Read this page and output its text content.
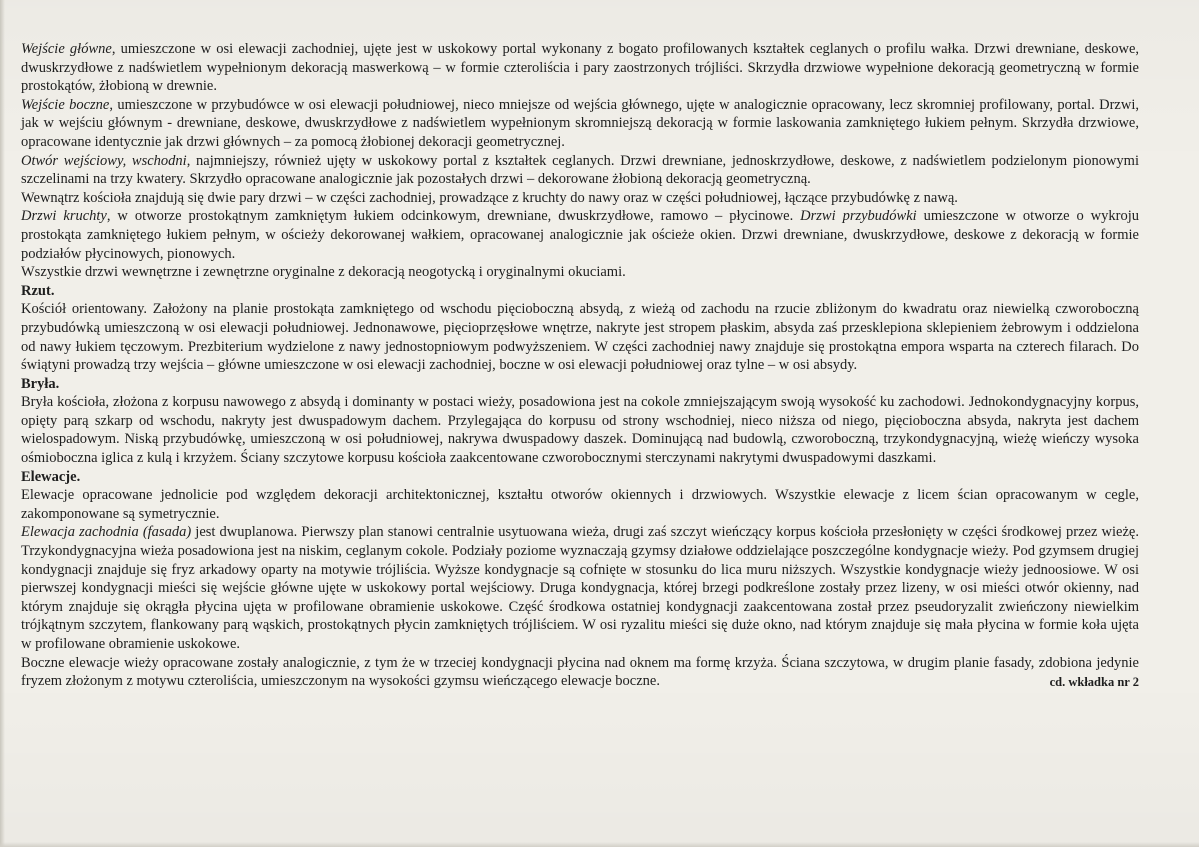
Wejście główne, umieszczone w osi elewacji zachodniej, ujęte jest w uskokowy portal wykonany z bogato profilowanych kształtek ceglanych o profilu wałka. Drzwi drewniane, deskowe, dwuskrzydłowe z nadświetlem wypełnionym dekoracją maswerkową – w formie czteroliścia i pary zaostrzonych trójliści. Skrzydła drzwiowe wypełnione dekoracją geometryczną w formie prostokątów, żłobioną w drewnie.

Wejście boczne, umieszczone w przybudówce w osi elewacji południowej, nieco mniejsze od wejścia głównego, ujęte w analogicznie opracowany, lecz skromniej profilowany, portal. Drzwi, jak w wejściu głównym - drewniane, deskowe, dwuskrzydłowe z nadświetlem wypełnionym skromniejszą dekoracją w formie laskowania zamkniętego łukiem pełnym. Skrzydła drzwiowe, opracowane identycznie jak drzwi głównych – za pomocą żłobionej dekoracji geometrycznej.

Otwór wejściowy, wschodni, najmniejszy, również ujęty w uskokowy portal z kształtek ceglanych. Drzwi drewniane, jednoskrzydłowe, deskowe, z nadświetlem podzielonym pionowymi szczelinami na trzy kwatery. Skrzydło opracowane analogicznie jak pozostałych drzwi – dekorowane żłobioną dekoracją geometryczną.

Wewnątrz kościoła znajdują się dwie pary drzwi – w części zachodniej, prowadzące z kruchty do nawy oraz w części południowej, łączące przybudówkę z nawą.

Drzwi kruchty, w otworze prostokątnym zamkniętym łukiem odcinkowym, drewniane, dwuskrzydłowe, ramowo – płycinowe. Drzwi przybudówki umieszczone w otworze o wykroju prostokąta zamkniętego łukiem pełnym, w ościeży dekorowanej wałkiem, opracowanej analogicznie jak ościeże okien. Drzwi drewniane, dwuskrzydłowe, deskowe z dekoracją w formie podziałów płycinowych, pionowych.

Wszystkie drzwi wewnętrzne i zewnętrzne oryginalne z dekoracją neogotycką i oryginalnymi okuciami.

Rzut.

Kościół orientowany. Założony na planie prostokąta zamkniętego od wschodu pięcioboczną absydą, z wieżą od zachodu na rzucie zbliżonym do kwadratu oraz niewielką czworoboczną przybudówką umieszczoną w osi elewacji południowej. Jednonawowe, pięcioprzęsłowe wnętrze, nakryte jest stropem płaskim, absyda zaś przesklepiona sklepieniem żebrowym i oddzielona od nawy łukiem tęczowym. Prezbiterium wydzielone z nawy jednostopniowym podwyższeniem. W części zachodniej nawy znajduje się prostokątna empora wsparta na czterech filarach. Do świątyni prowadzą trzy wejścia – główne umieszczone w osi elewacji zachodniej, boczne w osi elewacji południowej oraz tylne – w osi absydy.

Bryła.

Bryła kościoła, złożona z korpusu nawowego z absydą i dominanty w postaci wieży, posadowiona jest na cokole zmniejszającym swoją wysokość ku zachodowi. Jednokondygnacyjny korpus, opięty parą szkarp od wschodu, nakryty jest dwuspadowym dachem. Przylegająca do korpusu od strony wschodniej, nieco niższa od niego, pięcioboczna absyda, nakryta jest dachem wielospadowym. Niską przybudówkę, umieszczoną w osi południowej, nakrywa dwuspadowy daszek. Dominującą nad budowlą, czworoboczną, trzykondygnacyjną, wieżę wieńczy wysoka ośmioboczna iglica z kulą i krzyżem. Ściany szczytowe korpusu kościoła zaakcentowane czworobocznymi sterczynami nakrytymi dwuspadowymi daszkami.

Elewacje.

Elewacje opracowane jednolicie pod względem dekoracji architektonicznej, kształtu otworów okiennych i drzwiowych. Wszystkie elewacje z licem ścian opracowanym w cegle, zakomponowane są symetrycznie.

Elewacja zachodnia (fasada) jest dwuplanowa. Pierwszy plan stanowi centralnie usytuowana wieża, drugi zaś szczyt wieńczący korpus kościoła przesłonięty w części środkowej przez wieżę. Trzykondygnacyjna wieża posadowiona jest na niskim, ceglanym cokole. Podziały poziome wyznaczają gzymsy działowe oddzielające poszczególne kondygnacje wieży. Pod gzymsem drugiej kondygnacji znajduje się fryz arkadowy oparty na motywie trójliścia. Wyższe kondygnacje są cofnięte w stosunku do lica muru niższych. Wszystkie kondygnacje wieży jednoosiowe. W osi pierwszej kondygnacji mieści się wejście główne ujęte w uskokowy portal wejściowy. Druga kondygnacja, której brzegi podkreślone zostały przez lizeny, w osi mieści otwór okienny, nad którym znajduje się okrągła płycina ujęta w profilowane obramienie uskokowe. Część środkowa ostatniej kondygnacji zaakcentowana został przez pseudoryzalit zwieńczony niewielkim trójkątnym szczytem, flankowany parą wąskich, prostokątnych płycin zamkniętych trójliściem. W osi ryzalitu mieści się duże okno, nad którym znajduje się mała płycina w formie koła ujęta w profilowane obramienie uskokowe.

Boczne elewacje wieży opracowane zostały analogicznie, z tym że w trzeciej kondygnacji płycina nad oknem ma formę krzyża. Ściana szczytowa, w drugim planie fasady, zdobiona jedynie fryzem złożonym z motywu czteroliścia, umieszczonym na wysokości gzymsu wieńczącego elewacje boczne.	cd. wkładka nr 2
